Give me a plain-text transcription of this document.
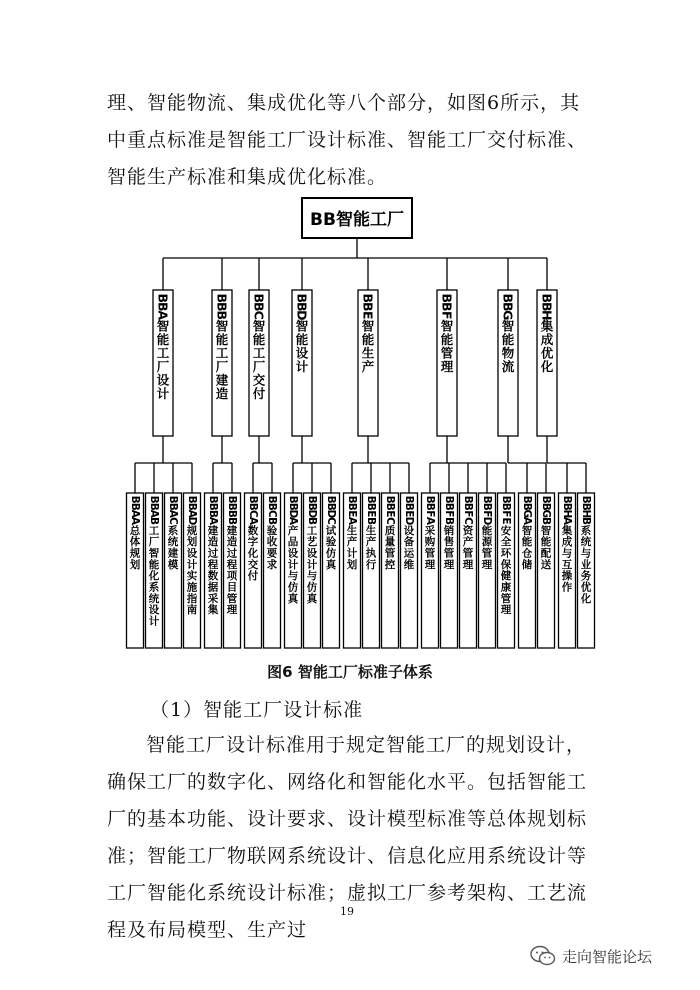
理、智能物流、集成优化等八个部分，如图6所示，其中重点标准是智能工厂设计标准、智能工厂交付标准、智能生产标准和集成优化标准。

BB智能工厂
B
B
A
智
能
工
厂
设
计
B
B
A
A
总
体
规
划
B
B
A
B
工
厂
智
能
化
系
统
设
计
B
B
A
C
系
统
建
模
B
B
A
D
规
划
设
计
实
施
指
南
B
B
B
智
能
工
厂
建
造
B
B
B
A
建
造
过
程
数
据
采
集
B
B
B
B
建
造
过
程
项
目
管
理
B
B
C
智
能
工
厂
交
付
B
B
C
A
数
字
化
交
付
B
B
C
B
验
收
要
求
B
B
D
智
能
设
计
B
B
D
A
产
品
设
计
与
仿
真
B
B
D
B
工
艺
设
计
与
仿
真
B
B
D
C
试
验
仿
真
B
B
E
智
能
生
产
B
B
E
A
生
产
计
划
B
B
E
B
生
产
执
行
B
B
E
C
质
量
管
控
B
B
E
D
设
备
运
维
B
B
F
智
能
管
理
B
B
F
A
采
购
管
理
B
B
F
B
销
售
管
理
B
B
F
C
资
产
管
理
B
B
F
D
能
源
管
理
B
B
F
E
安
全
环
保
健
康
管
理
B
B
G
智
能
物
流
B
B
G
A
智
能
仓
储
B
B
G
B
智
能
配
送
B
B
H
集
成
优
化
B
B
H
A
集
成
与
互
操
作
B
B
H
B
系
统
与
业
务
优
化
图6 智能工厂标准子体系

（1）智能工厂设计标准

智能工厂设计标准用于规定智能工厂的规划设计，确保工厂的数字化、网络化和智能化水平。包括智能工厂的基本功能、设计要求、设计模型标准等总体规划标准；智能工厂物联网系统设计、信息化应用系统设计等工厂智能化系统设计标准；虚拟工厂参考架构、工艺流程及布局模型、生产过

19
走向智能论坛
